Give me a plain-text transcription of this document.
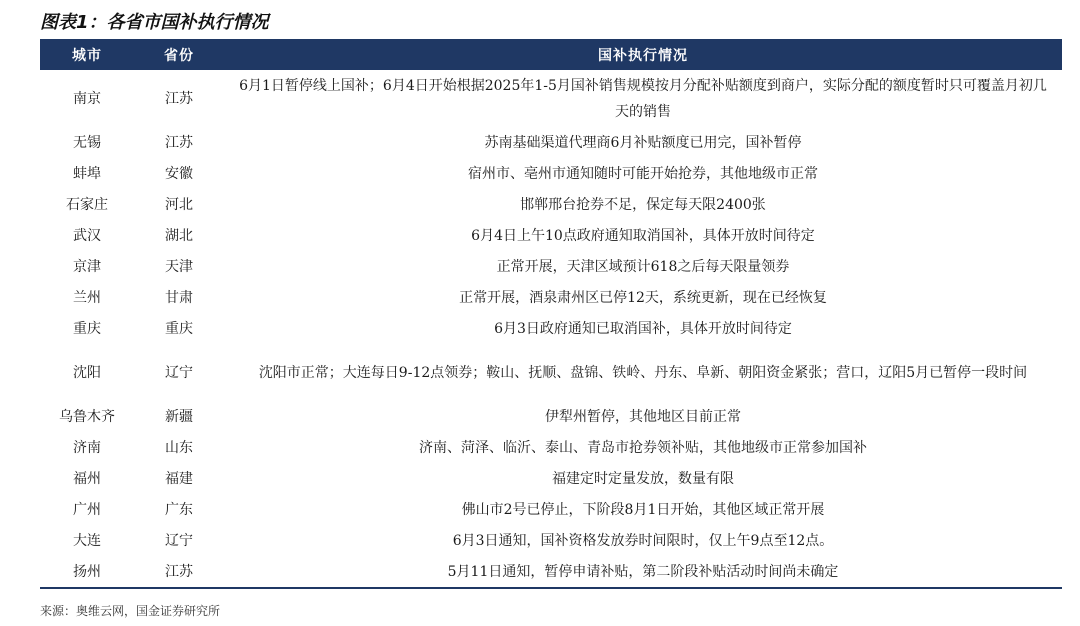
图表1：各省市国补执行情况
城市	省份	国补执行情况
南京	江苏	6月1日暂停线上国补；6月4日开始根据2025年1-5月国补销售规模按月分配补贴额度到商户，实际分配的额度暂时只可覆盖月初几天的销售
无锡	江苏	苏南基础渠道代理商6月补贴额度已用完，国补暂停
蚌埠	安徽	宿州市、亳州市通知随时可能开始抢券，其他地级市正常
石家庄	河北	邯郸邢台抢券不足，保定每天限2400张
武汉	湖北	6月4日上午10点政府通知取消国补，具体开放时间待定
京津	天津	正常开展，天津区域预计618之后每天限量领券
兰州	甘肃	正常开展，酒泉肃州区已停12天，系统更新，现在已经恢复
重庆	重庆	6月3日政府通知已取消国补，具体开放时间待定
沈阳	辽宁	沈阳市正常；大连每日9-12点领券；鞍山、抚顺、盘锦、铁岭、丹东、阜新、朝阳资金紧张；营口，辽阳5月已暂停一段时间
乌鲁木齐	新疆	伊犁州暂停，其他地区目前正常
济南	山东	济南、菏泽、临沂、泰山、青岛市抢券领补贴，其他地级市正常参加国补
福州	福建	福建定时定量发放，数量有限
广州	广东	佛山市2号已停止，下阶段8月1日开始，其他区域正常开展
大连	辽宁	6月3日通知，国补资格发放券时间限时，仅上午9点至12点。
扬州	江苏	5月11日通知，暂停申请补贴，第二阶段补贴活动时间尚未确定
来源：奥维云网，国金证券研究所
